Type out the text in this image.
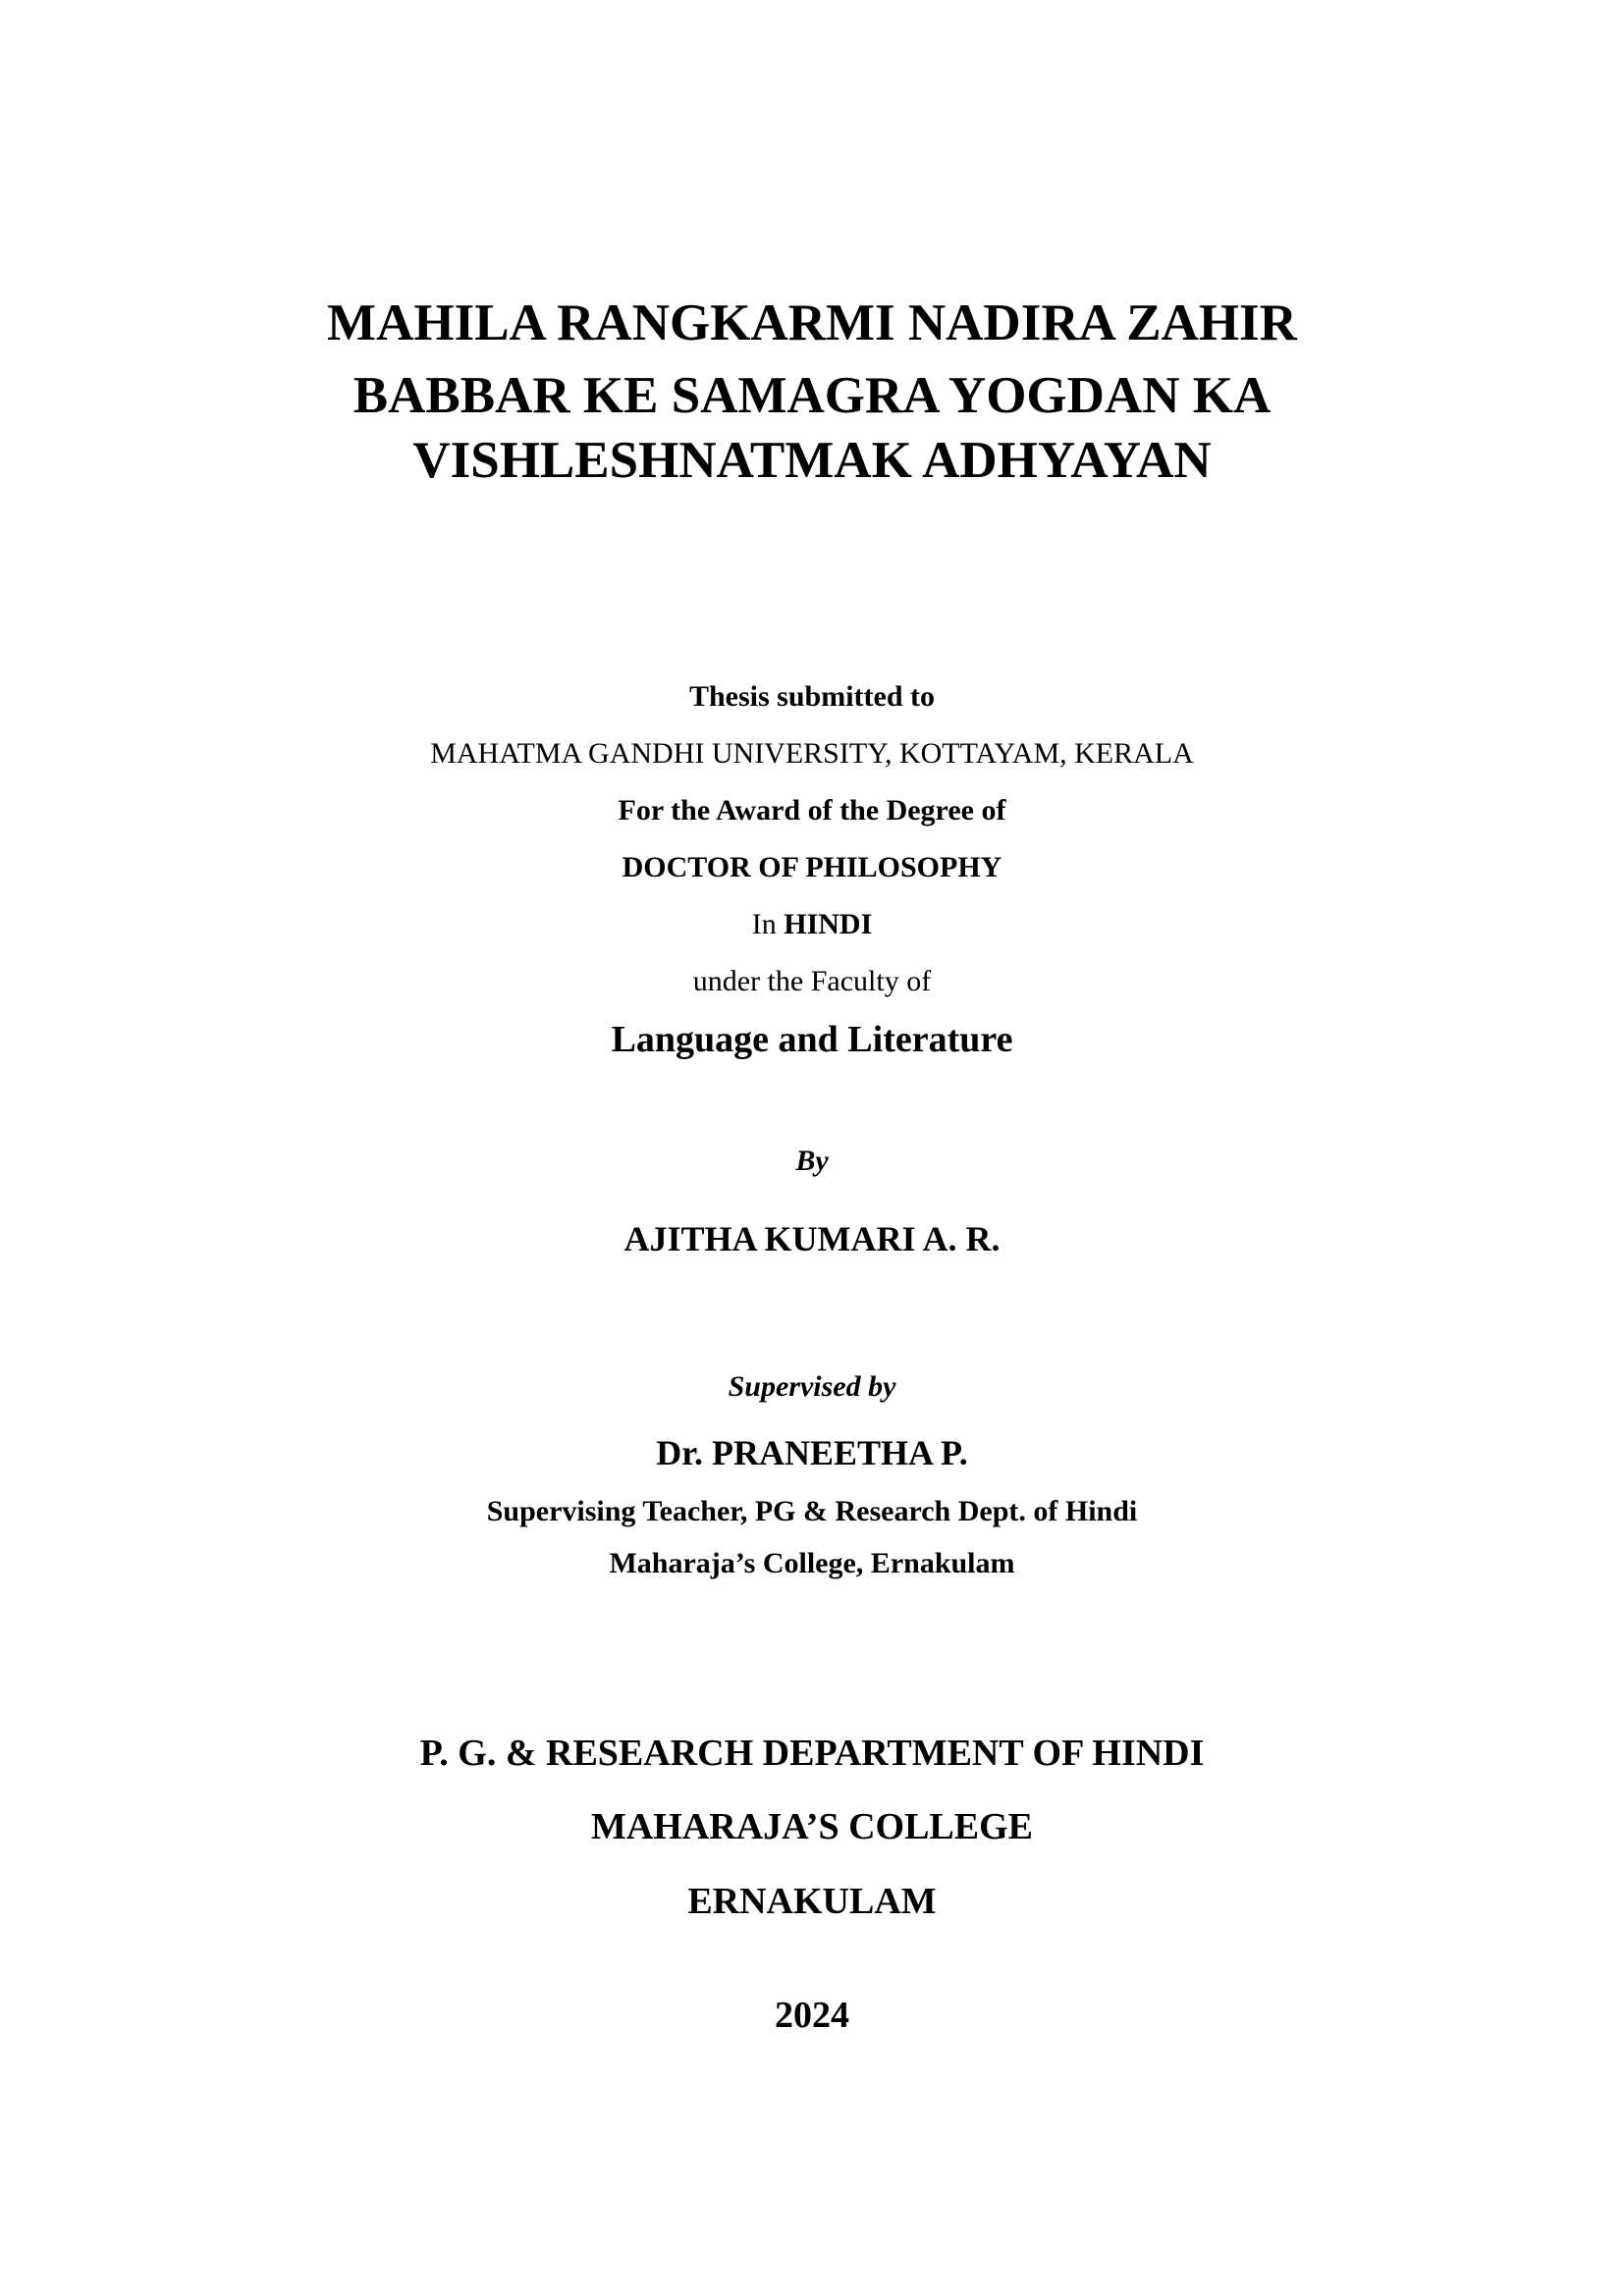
MAHILA RANGKARMI NADIRA ZAHIR
BABBAR KE SAMAGRA YOGDAN KA
VISHLESHNATMAK ADHYAYAN
Thesis submitted to
MAHATMA GANDHI UNIVERSITY, KOTTAYAM, KERALA
For the Award of the Degree of
DOCTOR OF PHILOSOPHY
In HINDI
under the Faculty of
Language and Literature
By
AJITHA KUMARI A. R.
Supervised by
Dr. PRANEETHA P.
Supervising Teacher, PG & Research Dept. of Hindi
Maharaja’s College, Ernakulam
P. G. & RESEARCH DEPARTMENT OF HINDI
MAHARAJA’S COLLEGE
ERNAKULAM
2024
